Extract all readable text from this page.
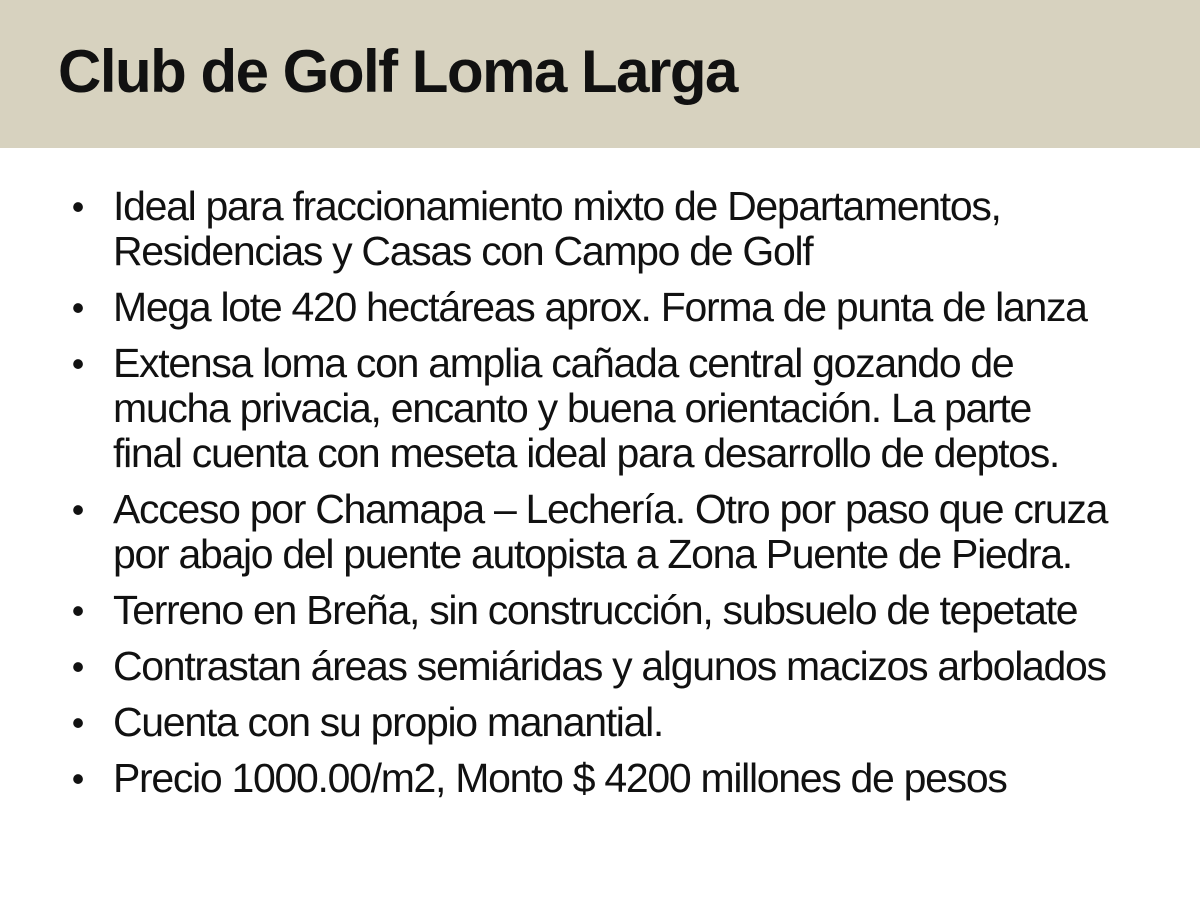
Club de Golf Loma Larga
• Ideal para fraccionamiento mixto de Departamentos,
Residencias y Casas con Campo de Golf
• Mega lote 420 hectáreas aprox. Forma de punta de lanza
• Extensa loma con amplia cañada central gozando de
mucha privacia, encanto y buena orientación. La parte
final cuenta con meseta ideal para desarrollo de deptos.
• Acceso por Chamapa – Lechería. Otro por paso que cruza
por abajo del puente autopista a Zona Puente de Piedra.
• Terreno en Breña, sin construcción, subsuelo de tepetate
• Contrastan áreas semiáridas y algunos macizos arbolados
• Cuenta con su propio manantial.
• Precio 1000.00/m2, Monto $ 4200 millones de pesos
